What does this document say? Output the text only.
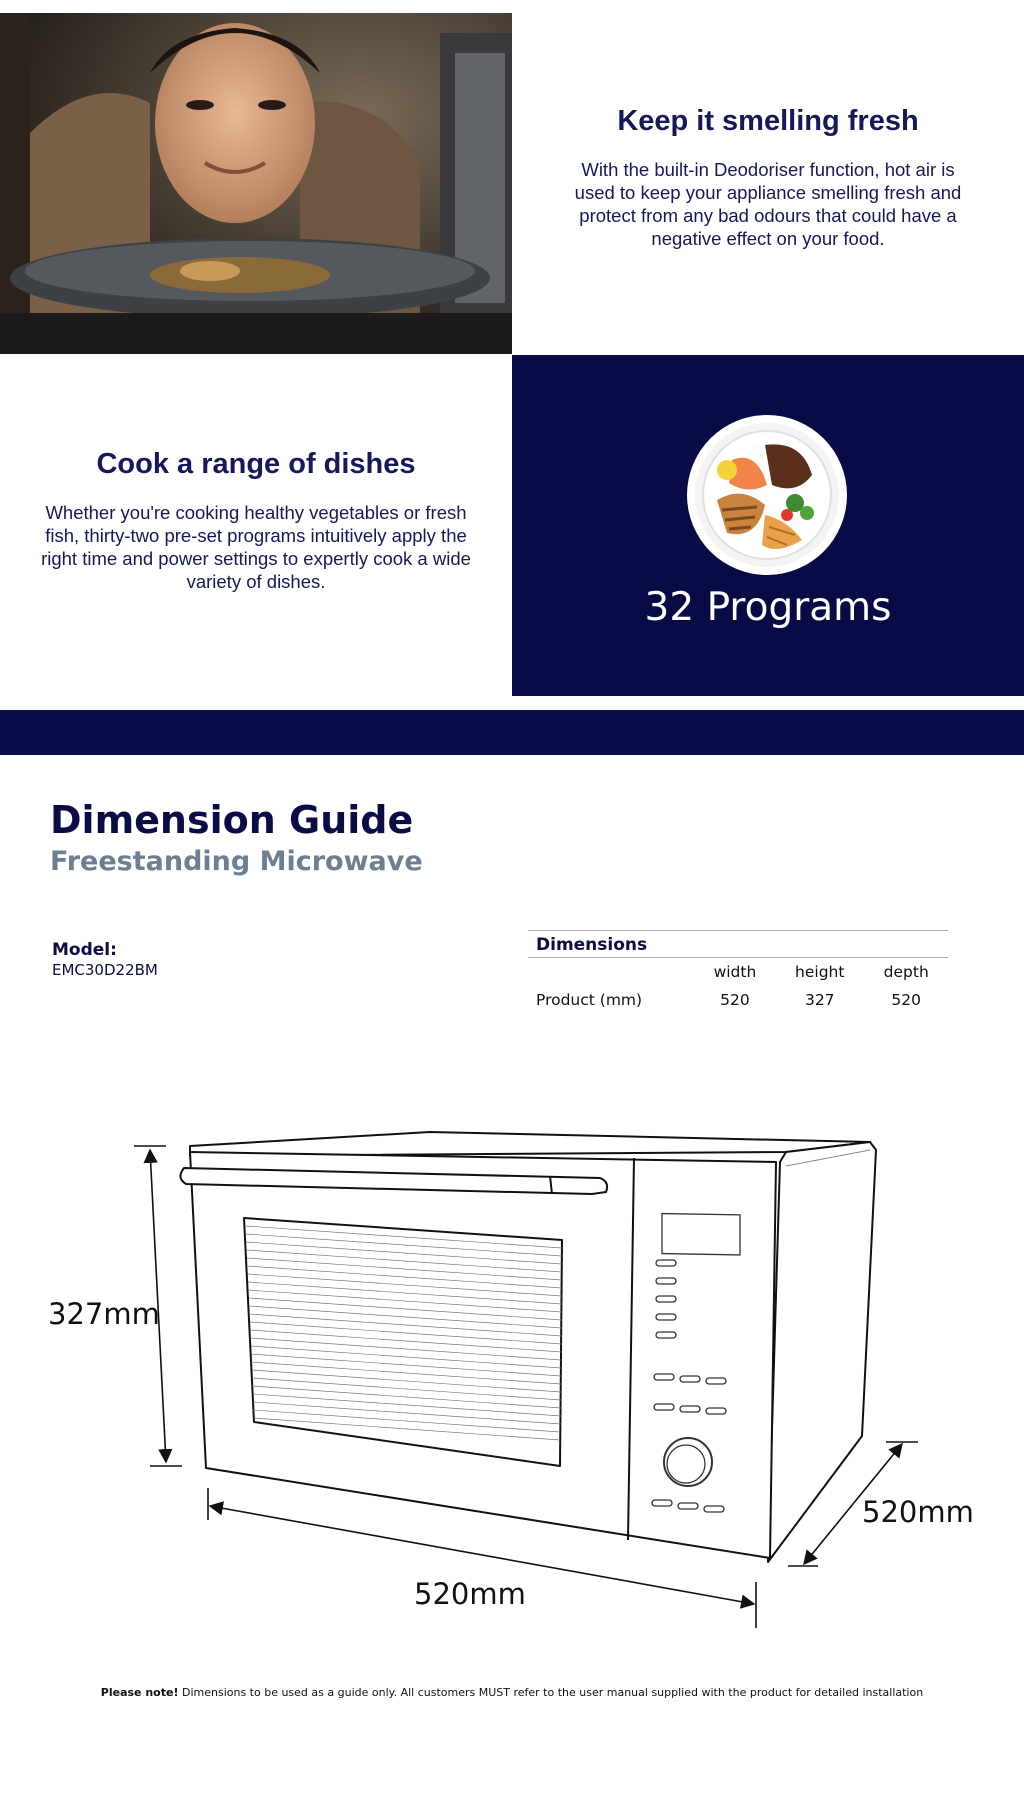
Keep it smelling fresh

With the built-in Deodoriser function, hot air is used to keep your appliance smelling fresh and protect from any bad odours that could have a negative effect on your food.

Cook a range of dishes

Whether you're cooking healthy vegetables or fresh fish, thirty-two pre-set programs intuitively apply the right time and power settings to expertly cook a wide variety of dishes.

32 Programs
Dimension Guide
Freestanding Microwave
Model:
EMC30D22BM
Dimensions			
	width	height	depth
Product (mm)	520	327	520
327mm
520mm
520mm
Please note! Dimensions to be used as a guide only. All customers MUST refer to the user manual supplied with the product for detailed installation
